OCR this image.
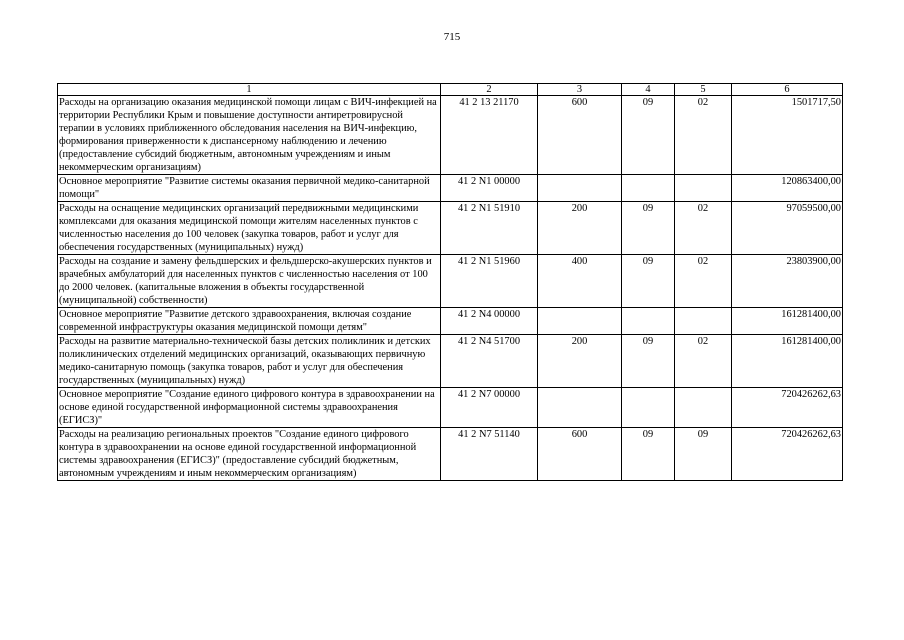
715
1	2	3	4	5	6
Расходы на организацию оказания медицинской помощи лицам с ВИЧ-инфекцией на территории Республики Крым и повышение доступности антиретровирусной терапии в условиях приближенного обследования населения на ВИЧ-инфекцию, формирования приверженности к диспансерному наблюдению и лечению (предоставление субсидий бюджетным, автономным учреждениям и иным некоммерческим организациям)	41 2 13 21170	600	09	02	1501717,50
Основное мероприятие "Развитие системы оказания первичной медико-санитарной помощи"	41 2 N1 00000				120863400,00
Расходы на оснащение медицинских организаций передвижными медицинскими комплексами для оказания медицинской помощи жителям населенных пунктов с численностью населения до 100 человек (закупка товаров, работ и услуг для обеспечения государственных (муниципальных) нужд)	41 2 N1 51910	200	09	02	97059500,00
Расходы на создание и замену фельдшерских и фельдшерско-акушерских пунктов и врачебных амбулаторий для населенных пунктов с численностью населения от 100 до 2000 человек. (капитальные вложения в объекты государственной (муниципальной) собственности)	41 2 N1 51960	400	09	02	23803900,00
Основное мероприятие "Развитие детского здравоохранения, включая создание современной инфраструктуры оказания медицинской помощи детям"	41 2 N4 00000				161281400,00
Расходы на развитие материально-технической базы детских поликлиник и детских поликлинических отделений медицинских организаций, оказывающих первичную медико-санитарную помощь (закупка товаров, работ и услуг для обеспечения государственных (муниципальных) нужд)	41 2 N4 51700	200	09	02	161281400,00
Основное мероприятие "Создание единого цифрового контура в здравоохранении на основе единой государственной информационной системы здравоохранения (ЕГИСЗ)"	41 2 N7 00000				720426262,63
Расходы на реализацию региональных проектов "Создание единого цифрового контура в здравоохранении на основе единой государственной информационной системы здравоохранения (ЕГИСЗ)" (предоставление субсидий бюджетным, автономным учреждениям и иным некоммерческим организациям)	41 2 N7 51140	600	09	09	720426262,63
